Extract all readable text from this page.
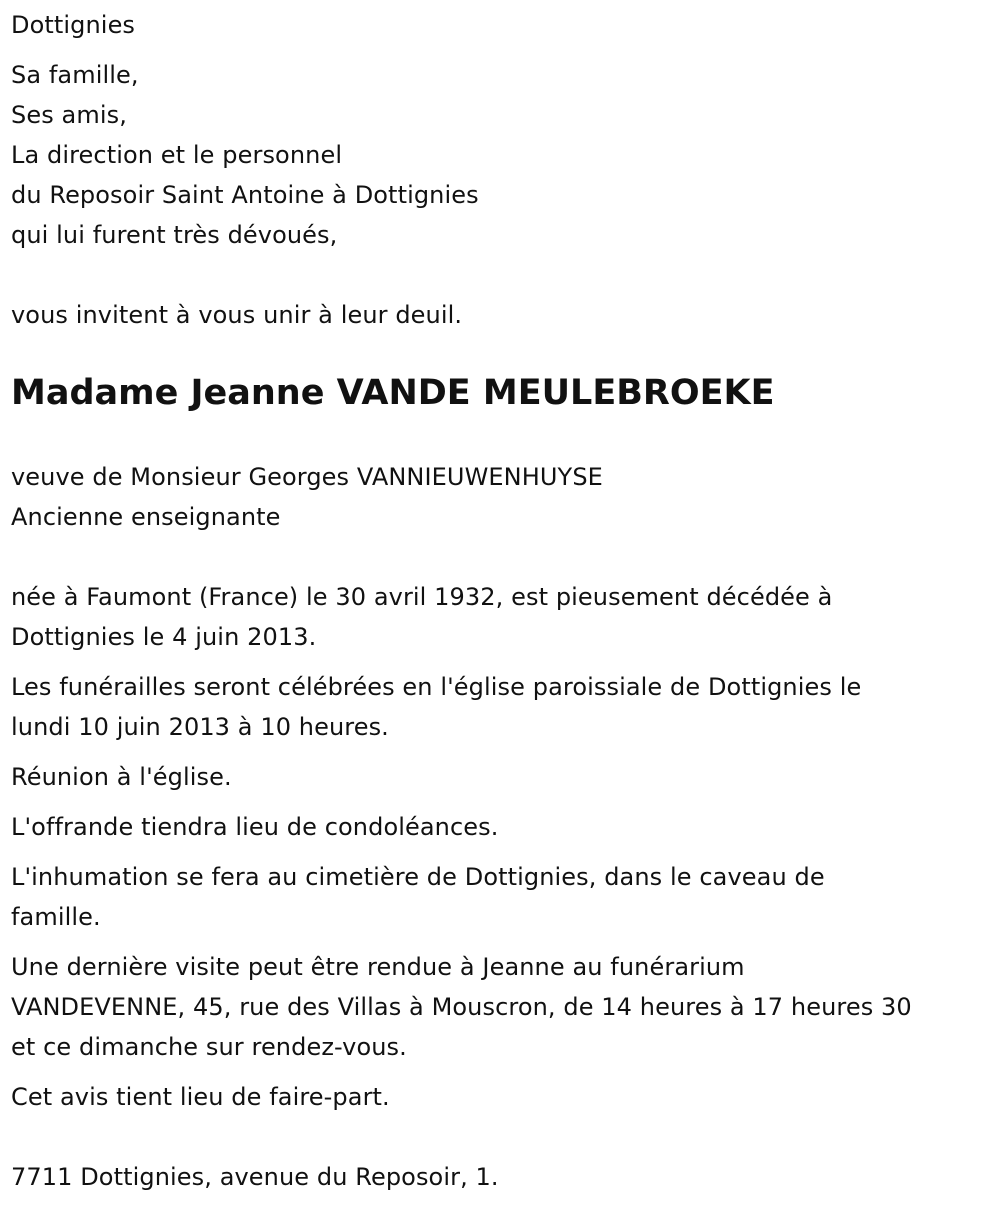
Dottignies
Sa famille,
Ses amis,
La direction et le personnel
du Reposoir Saint Antoine à Dottignies
qui lui furent très dévoués,
vous invitent à vous unir à leur deuil.
Madame Jeanne VANDE MEULEBROEKE
veuve de Monsieur Georges VANNIEUWENHUYSE
Ancienne enseignante
née à Faumont (France) le 30 avril 1932, est pieusement décédée à
Dottignies le 4 juin 2013.
Les funérailles seront célébrées en l'église paroissiale de Dottignies le
lundi 10 juin 2013 à 10 heures.
Réunion à l'église.
L'offrande tiendra lieu de condoléances.
L'inhumation se fera au cimetière de Dottignies, dans le caveau de
famille.
Une dernière visite peut être rendue à Jeanne au funérarium
VANDEVENNE, 45, rue des Villas à Mouscron, de 14 heures à 17 heures 30
et ce dimanche sur rendez-vous.
Cet avis tient lieu de faire-part.
7711 Dottignies, avenue du Reposoir, 1.
